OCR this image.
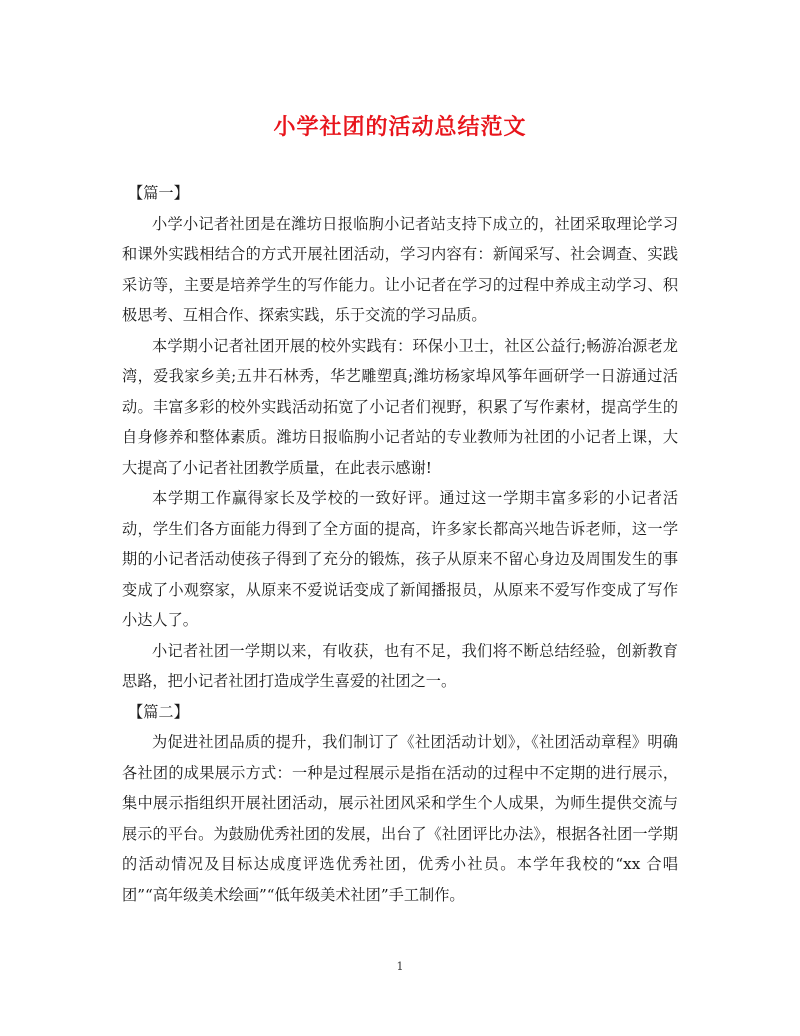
小学社团的活动总结范文

【篇一】

小学小记者社团是在潍坊日报临朐小记者站支持下成立的，社团采取理论学习和课外实践相结合的方式开展社团活动，学习内容有：新闻采写、社会调查、实践采访等，主要是培养学生的写作能力。让小记者在学习的过程中养成主动学习、积极思考、互相合作、探索实践，乐于交流的学习品质。

本学期小记者社团开展的校外实践有：环保小卫士，社区公益行;畅游冶源老龙湾，爱我家乡美;五井石林秀，华艺雕塑真;潍坊杨家埠风筝年画研学一日游通过活动。丰富多彩的校外实践活动拓宽了小记者们视野，积累了写作素材，提高学生的自身修养和整体素质。潍坊日报临朐小记者站的专业教师为社团的小记者上课，大大提高了小记者社团教学质量，在此表示感谢!

本学期工作赢得家长及学校的一致好评。通过这一学期丰富多彩的小记者活动，学生们各方面能力得到了全方面的提高，许多家长都高兴地告诉老师，这一学期的小记者活动使孩子得到了充分的锻炼，孩子从原来不留心身边及周围发生的事变成了小观察家，从原来不爱说话变成了新闻播报员，从原来不爱写作变成了写作小达人了。

小记者社团一学期以来，有收获，也有不足，我们将不断总结经验，创新教育思路，把小记者社团打造成学生喜爱的社团之一。

【篇二】

为促进社团品质的提升，我们制订了《社团活动计划》，《社团活动章程》明确各社团的成果展示方式：一种是过程展示是指在活动的过程中不定期的进行展示，集中展示指组织开展社团活动，展示社团风采和学生个人成果，为师生提供交流与展示的平台。为鼓励优秀社团的发展，出台了《社团评比办法》，根据各社团一学期的活动情况及目标达成度评选优秀社团，优秀小社员。本学年我校的“xx 合唱团”“高年级美术绘画”“低年级美术社团”手工制作。

1
